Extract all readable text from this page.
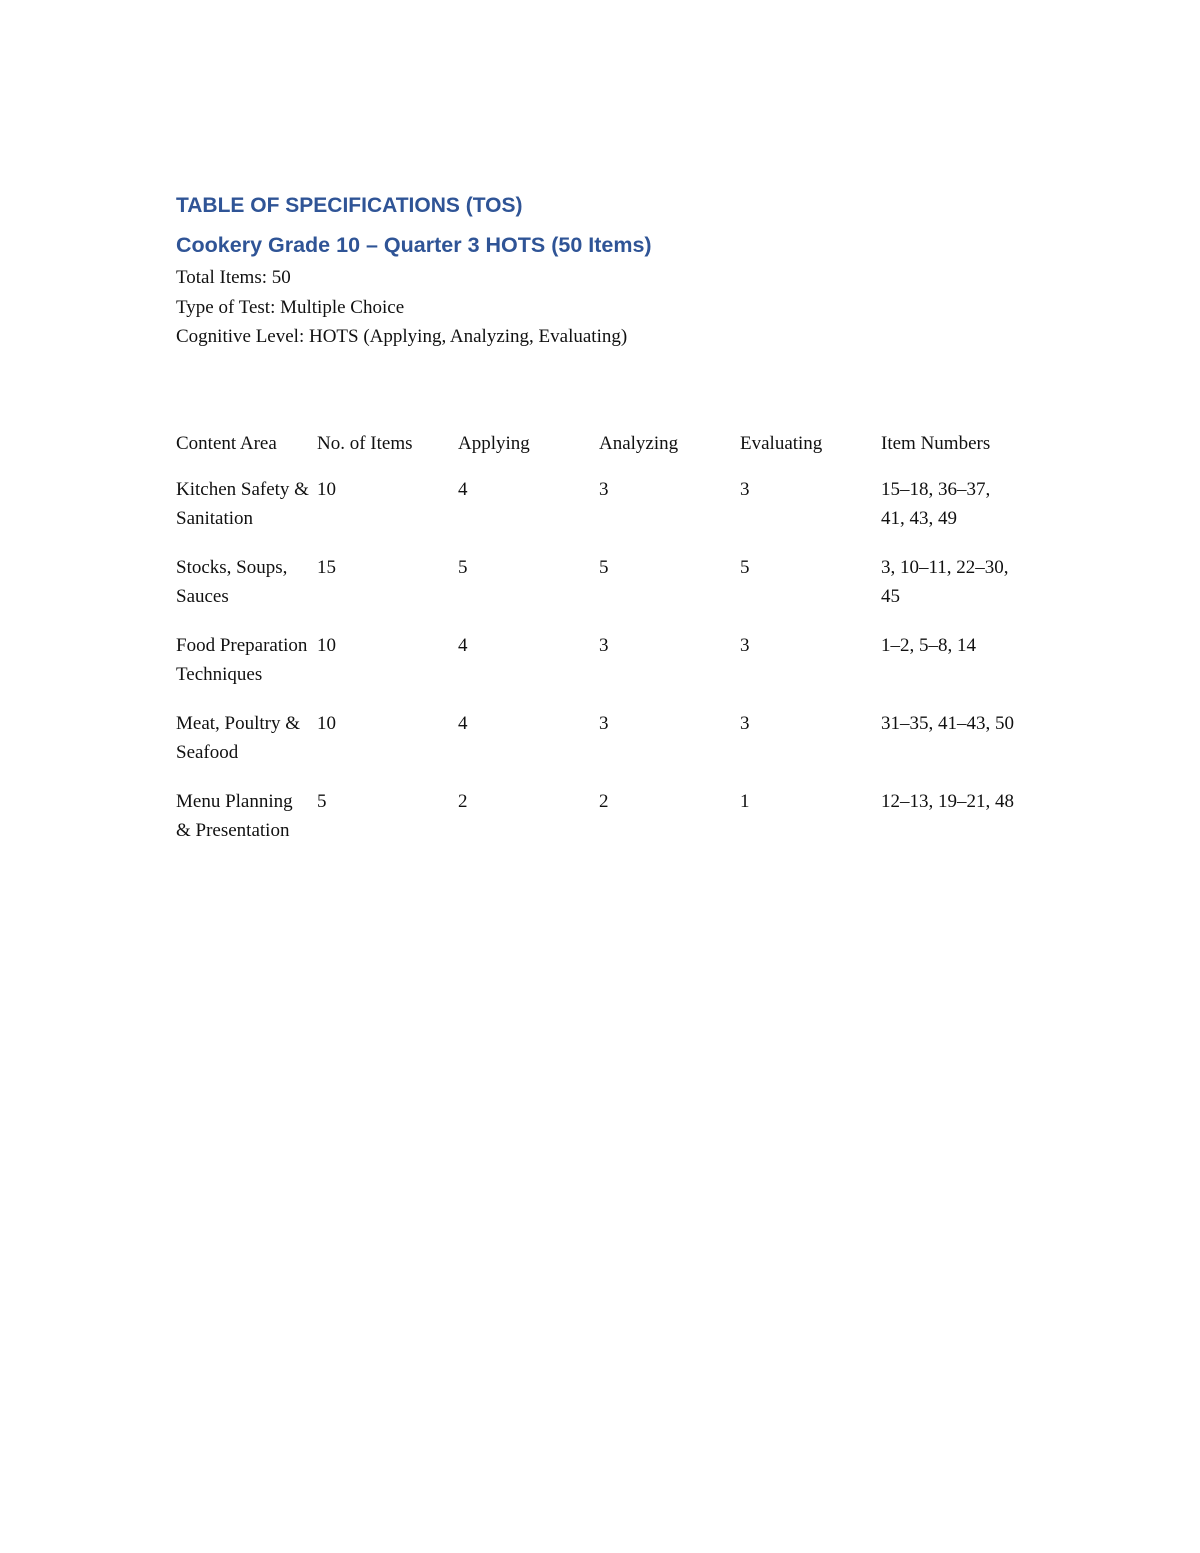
TABLE OF SPECIFICATIONS (TOS)
Cookery Grade 10 – Quarter 3 HOTS (50 Items)

Total Items: 50

Type of Test: Multiple Choice

Cognitive Level: HOTS (Applying, Analyzing, Evaluating)

Content Area	No. of Items	Applying	Analyzing	Evaluating	Item Numbers
Kitchen Safety & Sanitation	10	4	3	3	15–18, 36–37, 41, 43, 49
Stocks, Soups, Sauces	15	5	5	5	3, 10–11, 22–30, 45
Food Preparation Techniques	10	4	3	3	1–2, 5–8, 14
Meat, Poultry & Seafood	10	4	3	3	31–35, 41–43, 50
Menu Planning & Presentation	5	2	2	1	12–13, 19–21, 48
